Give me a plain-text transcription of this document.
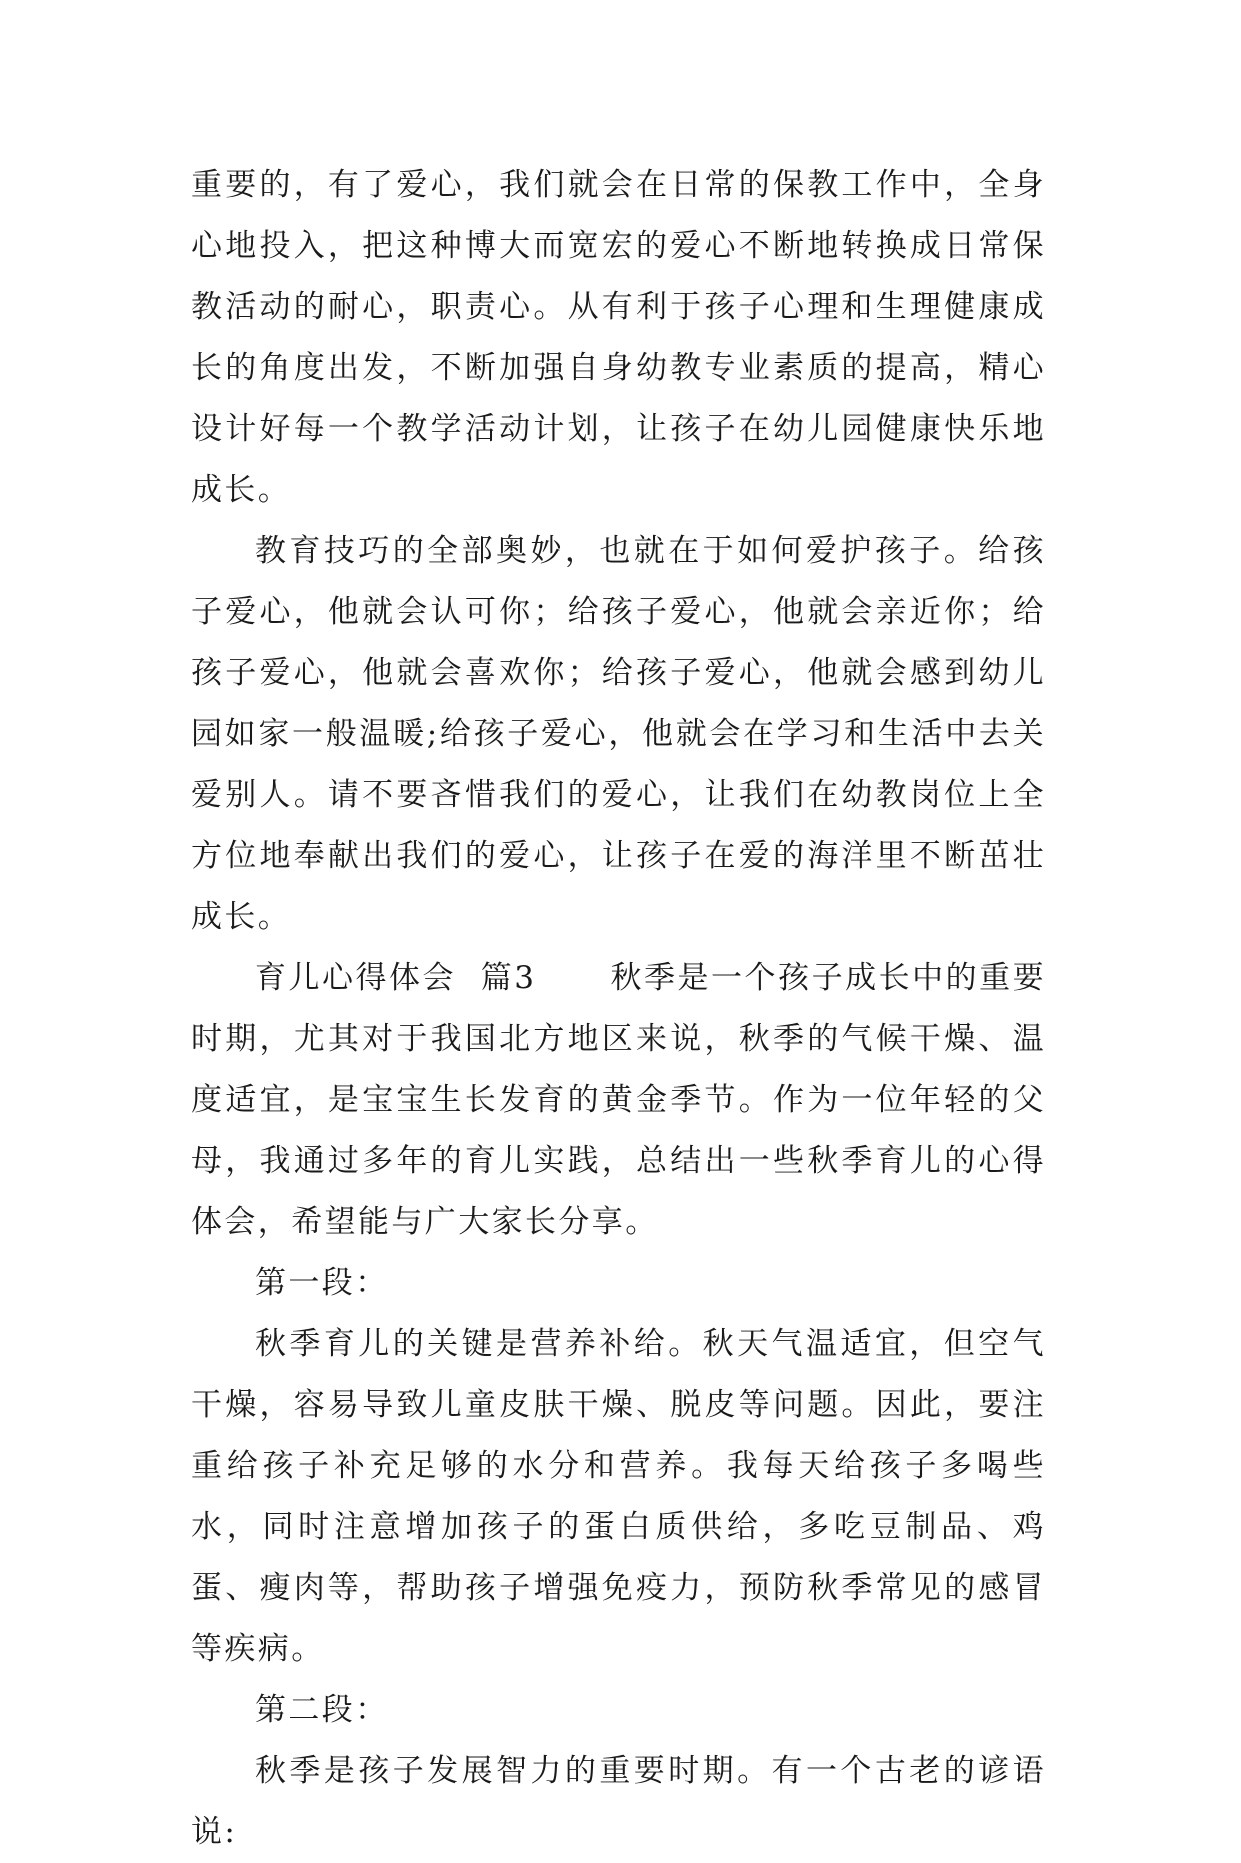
重要的，有了爱心，我们就会在日常的保教工作中，全身心地投入，把这种博大而宽宏的爱心不断地转换成日常保教活动的耐心，职责心。从有利于孩子心理和生理健康成长的角度出发，不断加强自身幼教专业素质的提高，精心设计好每一个教学活动计划，让孩子在幼儿园健康快乐地成长。

教育技巧的全部奥妙，也就在于如何爱护孩子。给孩子爱心，他就会认可你；给孩子爱心，他就会亲近你；给孩子爱心，他就会喜欢你；给孩子爱心，他就会感到幼儿园如家一般温暖;给孩子爱心，他就会在学习和生活中去关爱别人。请不要吝惜我们的爱心，让我们在幼教岗位上全方位地奉献出我们的爱心，让孩子在爱的海洋里不断茁壮成长。

育儿心得体会  篇3      秋季是一个孩子成长中的重要时期，尤其对于我国北方地区来说，秋季的气候干燥、温度适宜，是宝宝生长发育的黄金季节。作为一位年轻的父母，我通过多年的育儿实践，总结出一些秋季育儿的心得体会，希望能与广大家长分享。

第一段：

秋季育儿的关键是营养补给。秋天气温适宜，但空气干燥，容易导致儿童皮肤干燥、脱皮等问题。因此，要注重给孩子补充足够的水分和营养。我每天给孩子多喝些水，同时注意增加孩子的蛋白质供给，多吃豆制品、鸡蛋、瘦肉等，帮助孩子增强免疫力，预防秋季常见的感冒等疾病。

第二段：

秋季是孩子发展智力的重要时期。有一个古老的谚语说:
